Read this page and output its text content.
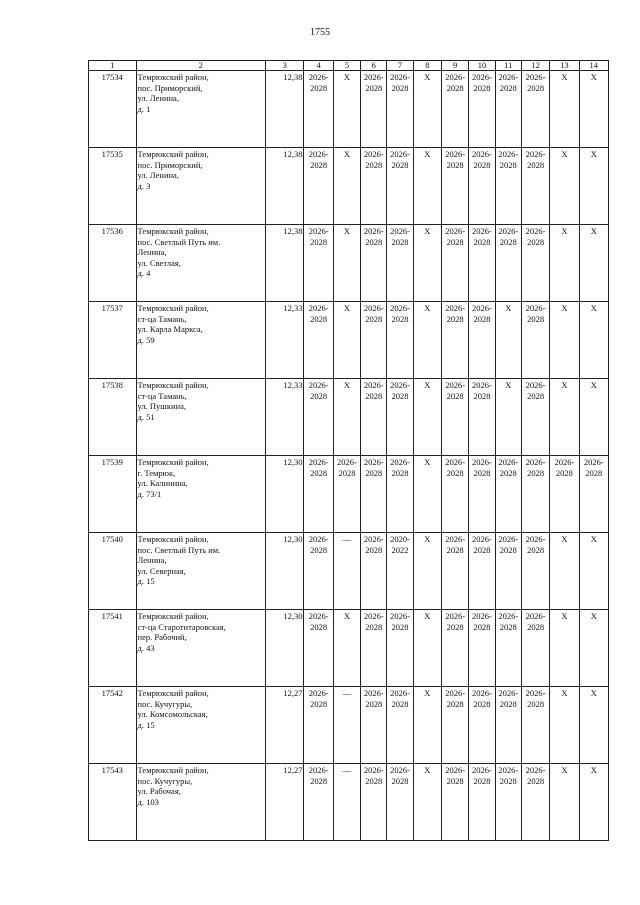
1755
1	2	3	4	5	6	7	8	9	10	11	12	13	14
17534	Темрюкский район,
пос. Приморский,
ул. Ленина,
д. 1	12,38	2026-
2028	Х	2026-
2028	2026-
2028	Х	2026-
2028	2026-
2028	2026-
2028	2026-
2028	Х	Х
17535	Темрюкский район,
пос. Приморский,
ул. Ленина,
д. 3	12,38	2026-
2028	Х	2026-
2028	2026-
2028	Х	2026-
2028	2026-
2028	2026-
2028	2026-
2028	Х	Х
17536	Темрюкский район,
пос. Светлый Путь им.
Ленина,
ул. Светлая,
д. 4	12,38	2026-
2028	Х	2026-
2028	2026-
2028	Х	2026-
2028	2026-
2028	2026-
2028	2026-
2028	Х	Х
17537	Темрюкский район,
ст-ца Тамань,
ул. Карла Маркса,
д. 59	12,33	2026-
2028	Х	2026-
2028	2026-
2028	Х	2026-
2028	2026-
2028	Х	2026-
2028	Х	Х
17538	Темрюкский район,
ст-ца Тамань,
ул. Пушкина,
д. 51	12,33	2026-
2028	Х	2026-
2028	2026-
2028	Х	2026-
2028	2026-
2028	Х	2026-
2028	Х	Х
17539	Темрюкский район,
г. Темрюк,
ул. Калинина,
д. 73/1	12,30	2026-
2028	2026-
2028	2026-
2028	2026-
2028	Х	2026-
2028	2026-
2028	2026-
2028	2026-
2028	2026-
2028	2026-
2028
17540	Темрюкский район,
пос. Светлый Путь им.
Ленина,
ул. Северная,
д. 15	12,30	2026-
2028	—	2026-
2028	2020-
2022	Х	2026-
2028	2026-
2028	2026-
2028	2026-
2028	Х	Х
17541	Темрюкский район,
ст-ца Старотитаровская,
пер. Рабочий,
д. 43	12,30	2026-
2028	Х	2026-
2028	2026-
2028	Х	2026-
2028	2026-
2028	2026-
2028	2026-
2028	Х	Х
17542	Темрюкский район,
пос. Кучугуры,
ул. Комсомольская,
д. 15	12,27	2026-
2028	—	2026-
2028	2026-
2028	Х	2026-
2028	2026-
2028	2026-
2028	2026-
2028	Х	Х
17543	Темрюкский район,
пос. Кучугуры,
ул. Рабочая,
д. 103	12,27	2026-
2028	—	2026-
2028	2026-
2028	Х	2026-
2028	2026-
2028	2026-
2028	2026-
2028	Х	Х
